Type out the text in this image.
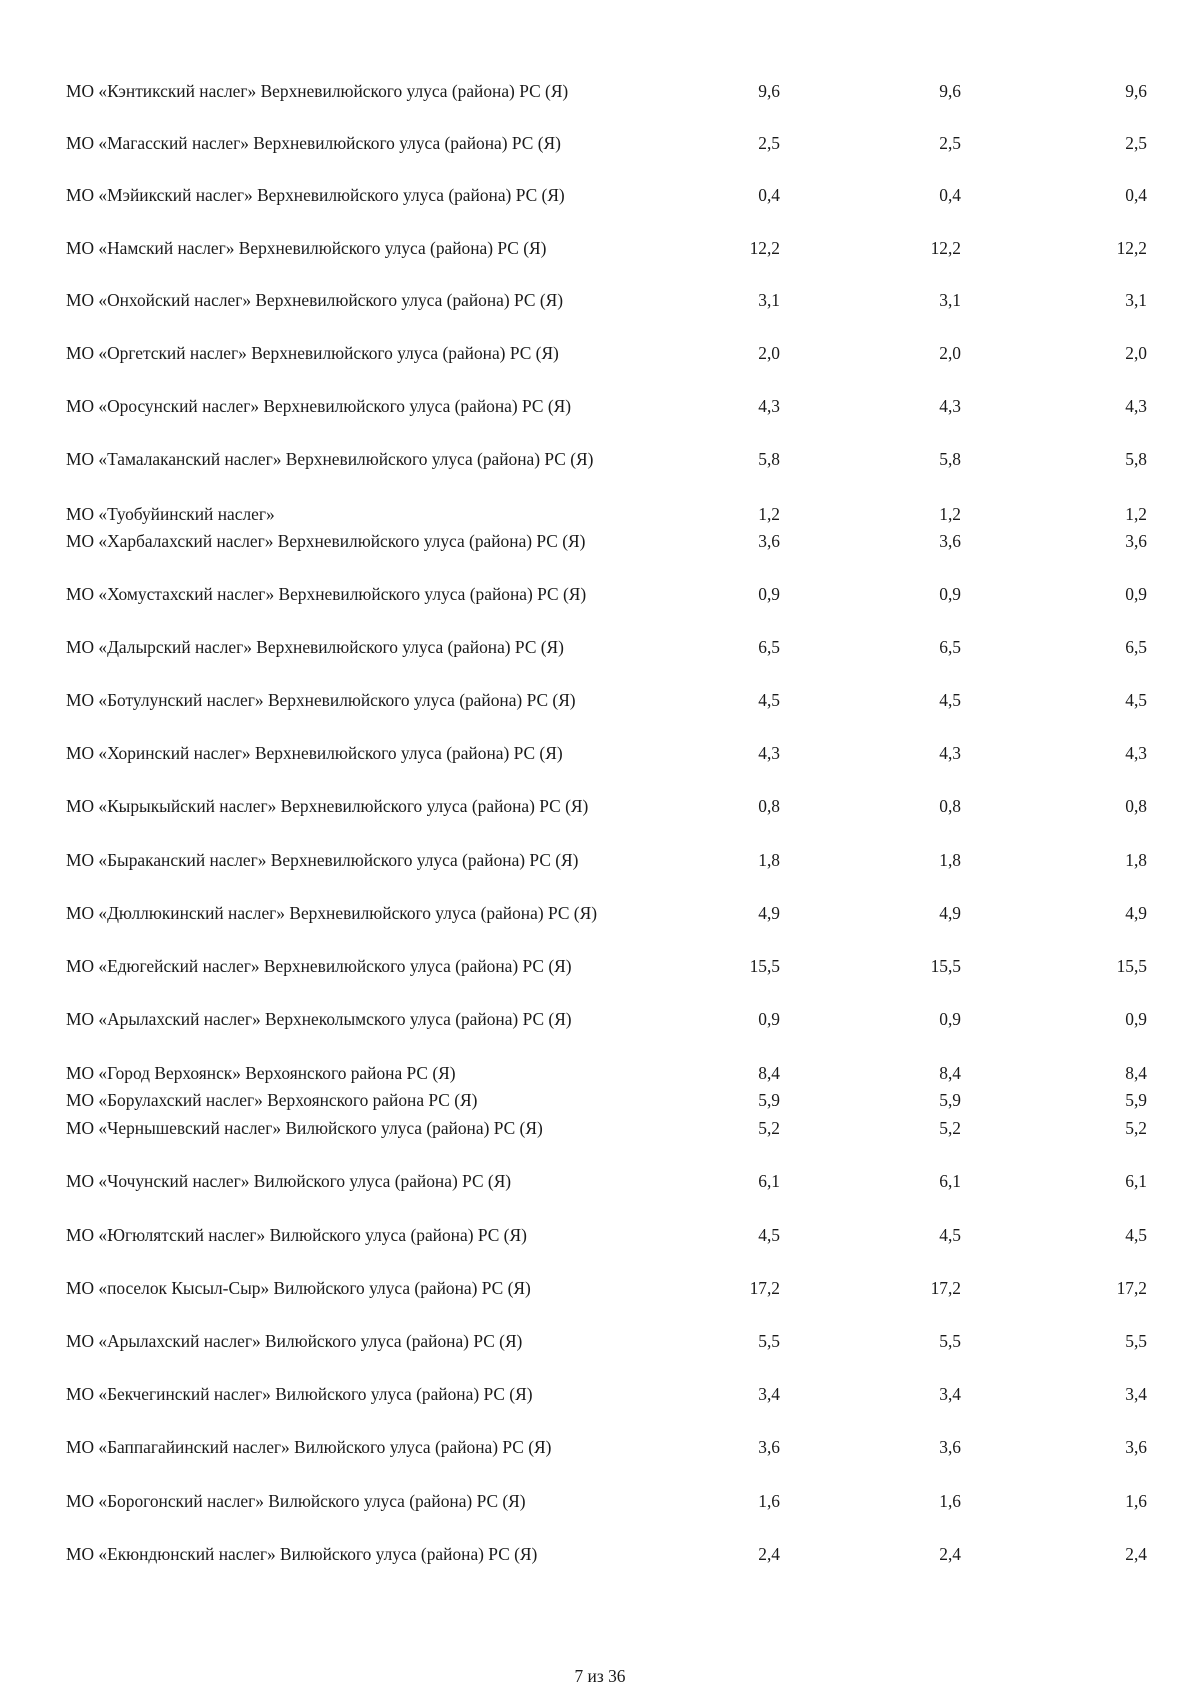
МО «Кэнтикский наслег» Верхневилюйского улуса (района) РС (Я)	9,6	9,6	9,6
МО «Магасский наслег» Верхневилюйского улуса (района) РС (Я)	2,5	2,5	2,5
МО «Мэйикский наслег» Верхневилюйского улуса (района) РС (Я)	0,4	0,4	0,4
МО «Намский наслег» Верхневилюйского улуса (района) РС (Я)	12,2	12,2	12,2
МО «Онхойский наслег» Верхневилюйского улуса (района) РС (Я)	3,1	3,1	3,1
МО «Оргетский наслег» Верхневилюйского улуса (района) РС (Я)	2,0	2,0	2,0
МО «Оросунский наслег» Верхневилюйского улуса (района) РС (Я)	4,3	4,3	4,3
МО «Тамалаканский наслег» Верхневилюйского улуса (района) РС (Я)	5,8	5,8	5,8
МО «Туобуйинский наслег»	1,2	1,2	1,2
МО «Харбалахский наслег» Верхневилюйского улуса (района) РС (Я)	3,6	3,6	3,6
МО «Хомустахский наслег» Верхневилюйского улуса (района) РС (Я)	0,9	0,9	0,9
МО «Далырский наслег» Верхневилюйского улуса (района) РС (Я)	6,5	6,5	6,5
МО «Ботулунский наслег» Верхневилюйского улуса (района) РС (Я)	4,5	4,5	4,5
МО «Хоринский наслег» Верхневилюйского улуса (района) РС (Я)	4,3	4,3	4,3
МО «Кырыкыйский наслег» Верхневилюйского улуса (района) РС (Я)	0,8	0,8	0,8
МО «Быраканский наслег» Верхневилюйского улуса (района) РС (Я)	1,8	1,8	1,8
МО «Дюллюкинский наслег» Верхневилюйского улуса (района) РС (Я)	4,9	4,9	4,9
МО «Едюгейский наслег» Верхневилюйского улуса (района) РС (Я)	15,5	15,5	15,5
МО «Арылахский наслег» Верхнеколымского улуса (района) РС (Я)	0,9	0,9	0,9
МО «Город Верхоянск» Верхоянского района РС (Я)	8,4	8,4	8,4
МО «Борулахский наслег» Верхоянского района РС (Я)	5,9	5,9	5,9
МО «Чернышевский наслег» Вилюйского улуса (района) РС (Я)	5,2	5,2	5,2
МО «Чочунский наслег» Вилюйского улуса (района) РС (Я)	6,1	6,1	6,1
МО «Югюлятский наслег» Вилюйского улуса (района) РС (Я)	4,5	4,5	4,5
МО «поселок Кысыл-Сыр» Вилюйского улуса (района) РС (Я)	17,2	17,2	17,2
МО «Арылахский наслег» Вилюйского улуса (района) РС (Я)	5,5	5,5	5,5
МО «Бекчегинский наслег» Вилюйского улуса (района) РС (Я)	3,4	3,4	3,4
МО «Баппагайинский наслег» Вилюйского улуса (района) РС (Я)	3,6	3,6	3,6
МО «Борогонский наслег» Вилюйского улуса (района) РС (Я)	1,6	1,6	1,6
МО «Екюндюнский наслег» Вилюйского улуса (района) РС (Я)	2,4	2,4	2,4
7 из 36
